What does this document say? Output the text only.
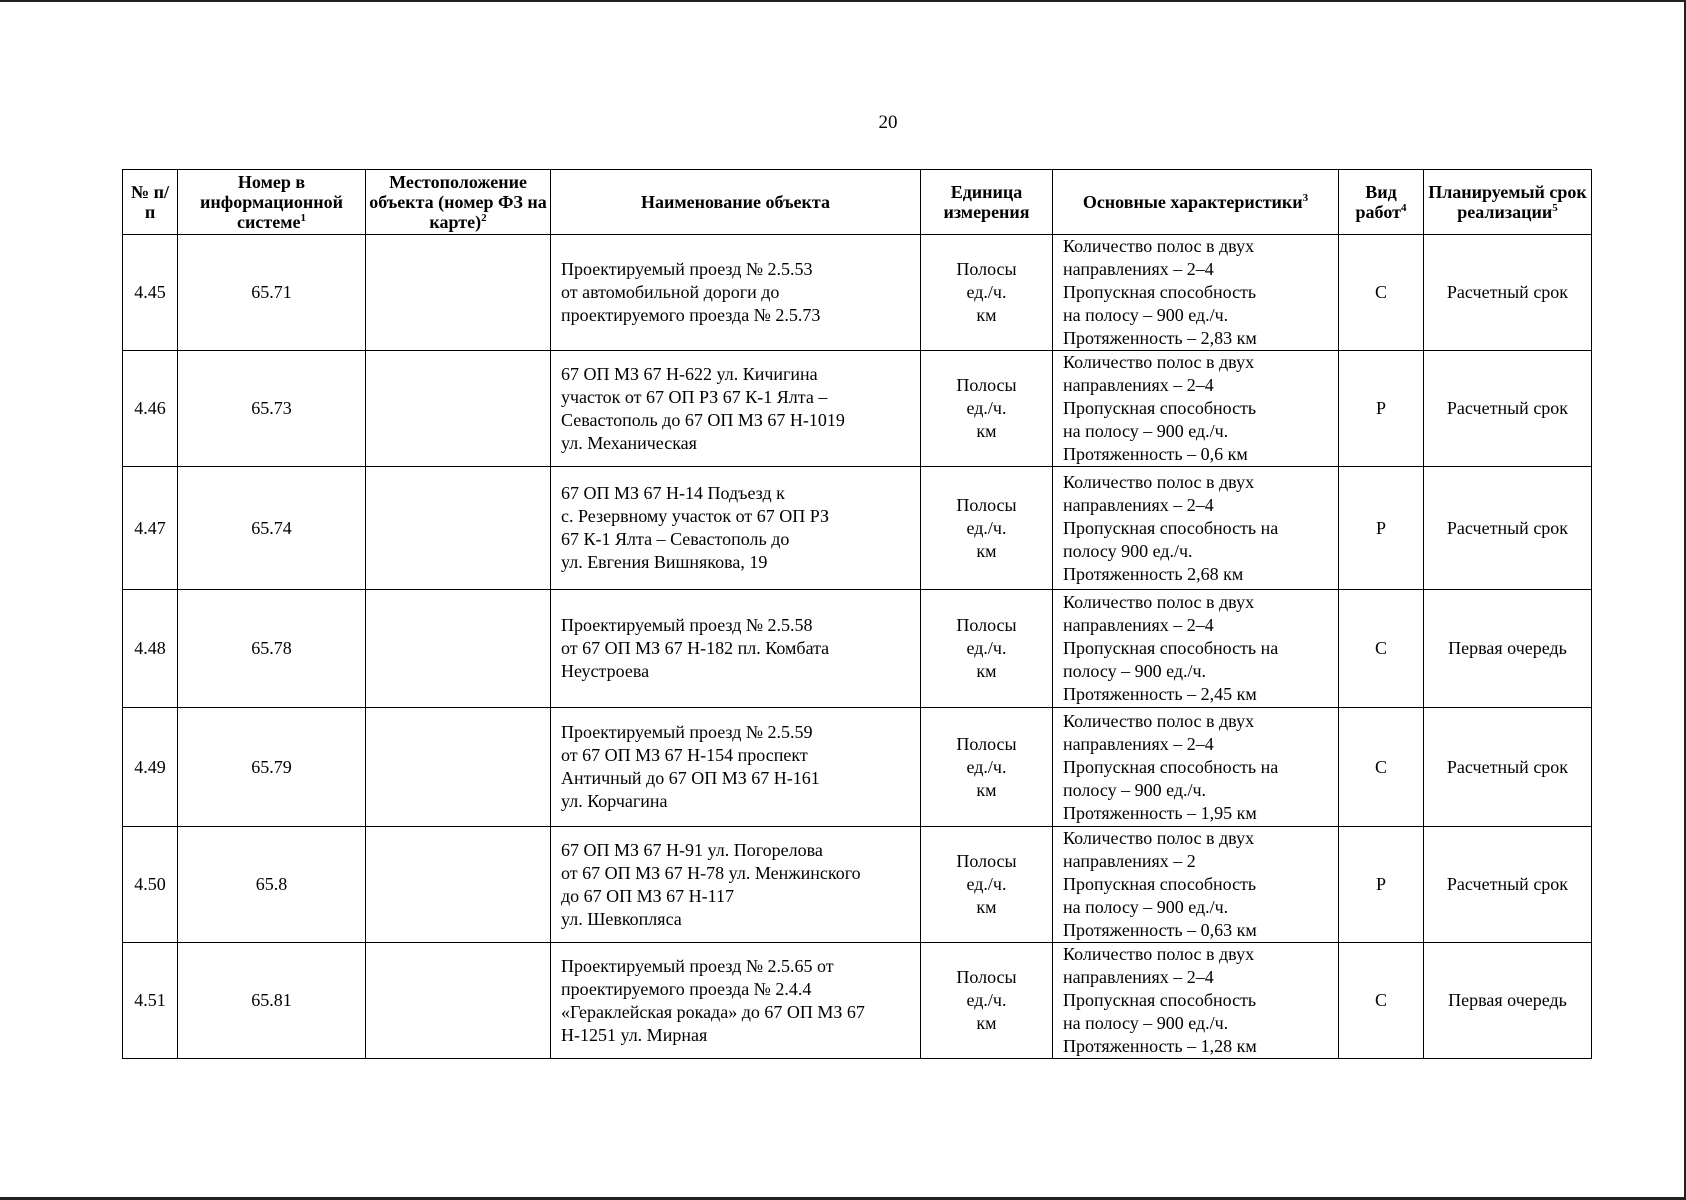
20
№ п/п	Номер в информационной системе$^1$	Местоположение объекта (номер ФЗ на карте)$^2$	Наименование объекта	Единица измерения	Основные характеристики$^3$	Вид работ$^4$	Планируемый срок реализации$^5$
4.45	65.71		Проектируемый проезд № 2.5.53
от автомобильной дороги до
проектируемого проезда № 2.5.73	Полосы
ед./ч.
км	Количество полос в двух
направлениях – 2–4
Пропускная способность
на полосу – 900 ед./ч.
Протяженность – 2,83 км	С	Расчетный срок
4.46	65.73		67 ОП МЗ 67 Н-622 ул. Кичигина
участок от 67 ОП РЗ 67 К-1 Ялта –
Севастополь до 67 ОП МЗ 67 Н-1019
ул. Механическая	Полосы
ед./ч.
км	Количество полос в двух
направлениях – 2–4
Пропускная способность
на полосу – 900 ед./ч.
Протяженность – 0,6 км	Р	Расчетный срок
4.47	65.74		67 ОП МЗ 67 Н-14 Подъезд к
с. Резервному участок от 67 ОП РЗ
67 К-1 Ялта – Севастополь до
ул. Евгения Вишнякова, 19	Полосы
ед./ч.
км	Количество полос в двух
направлениях – 2–4
Пропускная способность на
полосу 900 ед./ч.
Протяженность 2,68 км	Р	Расчетный срок
4.48	65.78		Проектируемый проезд № 2.5.58
от 67 ОП МЗ 67 Н-182 пл. Комбата
Неустроева	Полосы
ед./ч.
км	Количество полос в двух
направлениях – 2–4
Пропускная способность на
полосу – 900 ед./ч.
Протяженность – 2,45 км	С	Первая очередь
4.49	65.79		Проектируемый проезд № 2.5.59
от 67 ОП МЗ 67 Н-154 проспект
Античный до 67 ОП МЗ 67 Н-161
ул. Корчагина	Полосы
ед./ч.
км	Количество полос в двух
направлениях – 2–4
Пропускная способность на
полосу – 900 ед./ч.
Протяженность – 1,95 км	С	Расчетный срок
4.50	65.8		67 ОП МЗ 67 Н-91 ул. Погорелова
от 67 ОП МЗ 67 Н-78 ул. Менжинского
до 67 ОП МЗ 67 Н-117
ул. Шевкопляса	Полосы
ед./ч.
км	Количество полос в двух
направлениях – 2
Пропускная способность
на полосу – 900 ед./ч.
Протяженность – 0,63 км	Р	Расчетный срок
4.51	65.81		Проектируемый проезд № 2.5.65 от
проектируемого проезда № 2.4.4
«Гераклейская рокада» до 67 ОП МЗ 67
Н-1251 ул. Мирная	Полосы
ед./ч.
км	Количество полос в двух
направлениях – 2–4
Пропускная способность
на полосу – 900 ед./ч.
Протяженность – 1,28 км	С	Первая очередь
